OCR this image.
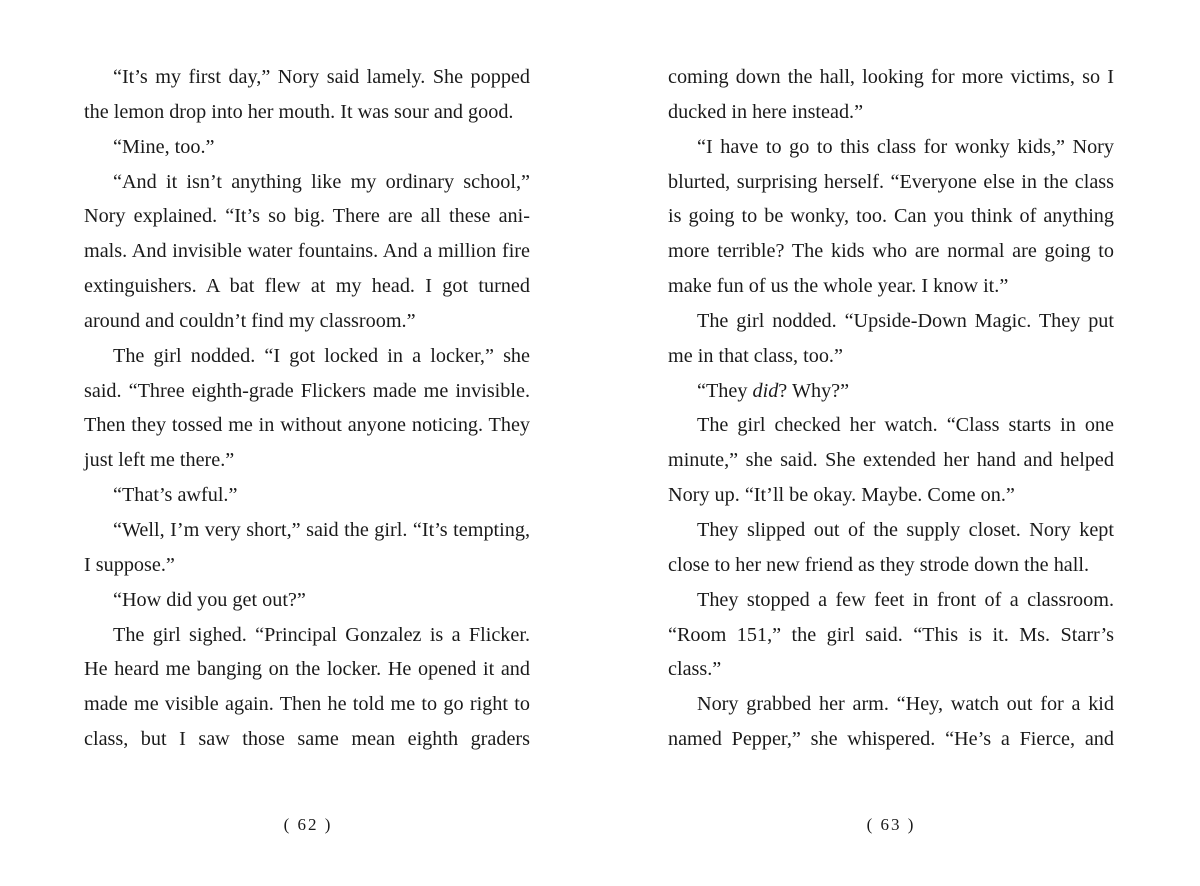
“It’s my first day,” Nory said lamely. She popped the lemon drop into her mouth. It was sour and good.

“Mine, too.”

“And it isn’t anything like my ordinary school,” Nory explained. “It’s so big. There are all these animals. And invisible water fountains. And a million fire extinguishers. A bat flew at my head. I got turned around and couldn’t find my classroom.”

The girl nodded. “I got locked in a locker,” she said. “Three eighth-grade Flickers made me invisible. Then they tossed me in without anyone noticing. They just left me there.”

“That’s awful.”

“Well, I’m very short,” said the girl. “It’s tempting, I suppose.”

“How did you get out?”

The girl sighed. “Principal Gonzalez is a Flicker. He heard me banging on the locker. He opened it and made me visible again. Then he told me to go right to class, but I saw those same mean eighth graders

( 62 )

coming down the hall, looking for more victims, so I ducked in here instead.”

“I have to go to this class for wonky kids,” Nory blurted, surprising herself. “Everyone else in the class is going to be wonky, too. Can you think of anything more terrible? The kids who are normal are going to make fun of us the whole year. I know it.”

The girl nodded. “Upside-Down Magic. They put me in that class, too.”

“They did? Why?”

The girl checked her watch. “Class starts in one minute,” she said. She extended her hand and helped Nory up. “It’ll be okay. Maybe. Come on.”

They slipped out of the supply closet. Nory kept close to her new friend as they strode down the hall.

They stopped a few feet in front of a classroom. “Room 151,” the girl said. “This is it. Ms. Starr’s class.”

Nory grabbed her arm. “Hey, watch out for a kid named Pepper,” she whispered. “He’s a Fierce, and

( 63 )
